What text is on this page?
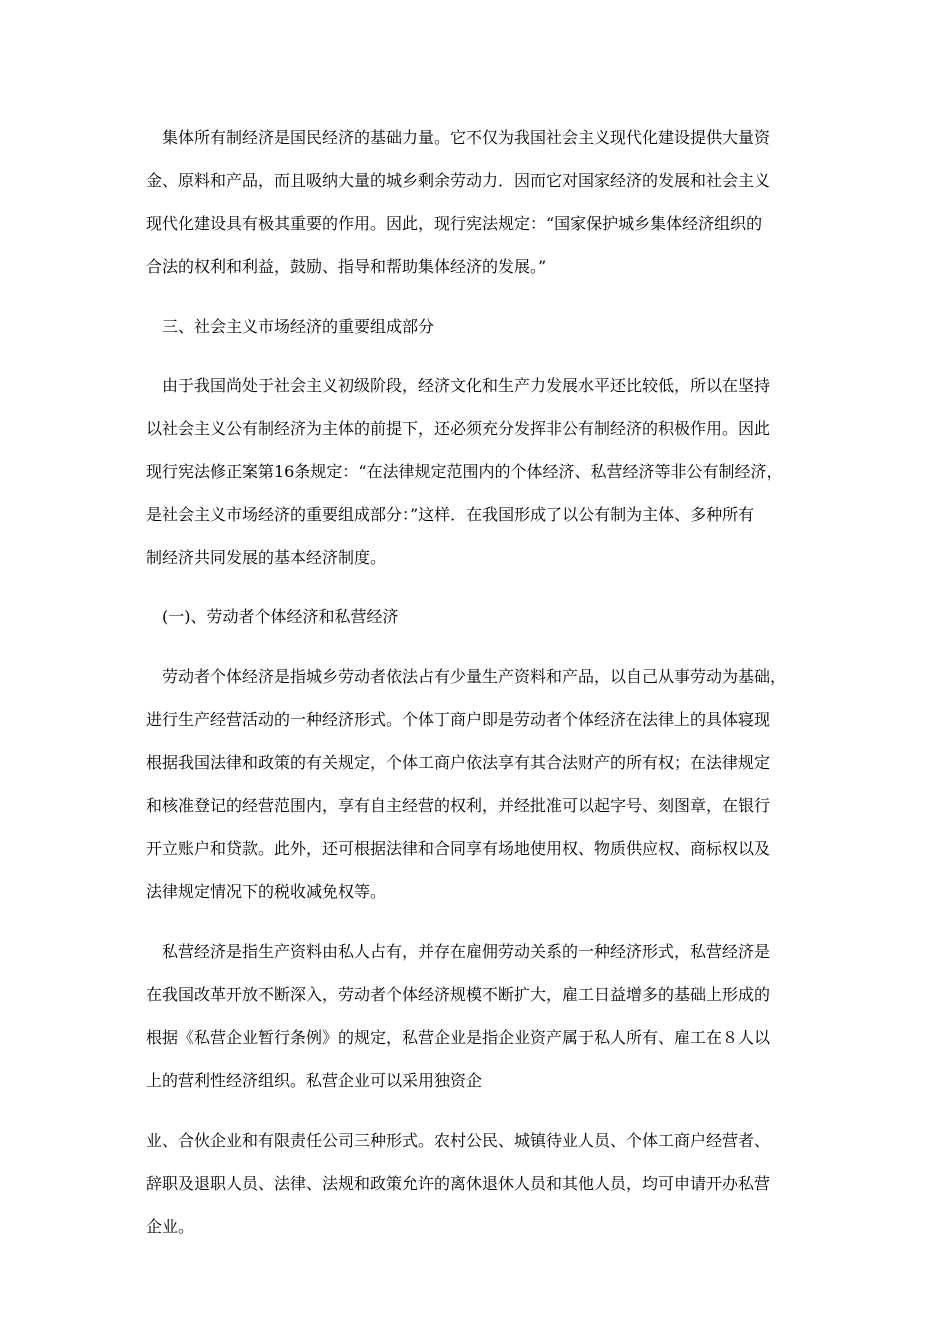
集体所有制经济是国民经济的基础力量。它不仅为我国社会主义现代化建设提供大量资
金、原料和产品，而且吸纳大量的城乡剩余劳动力．因而它对国家经济的发展和社会主义
现代化建设具有极其重要的作用。因此，现行宪法规定：“国家保护城乡集体经济组织的
合法的权利和利益，鼓励、指导和帮助集体经济的发展。”
三、社会主义市场经济的重要组成部分
由于我国尚处于社会主义初级阶段，经济文化和生产力发展水平还比较低，所以在坚持
以社会主义公有制经济为主体的前提下，还必须充分发挥非公有制经济的积极作用。因此
现行宪法修正案第16条规定：“在法律规定范围内的个体经济、私营经济等非公有制经济，
是社会主义市场经济的重要组成部分：”这样．在我国形成了以公有制为主体、多种所有
制经济共同发展的基本经济制度。
(一)、劳动者个体经济和私营经济
劳动者个体经济是指城乡劳动者依法占有少量生产资料和产品，以自己从事劳动为基础，
进行生产经营活动的一种经济形式。个体丁商户即是劳动者个体经济在法律上的具体寝现
根据我国法律和政策的有关规定，个体工商户依法享有其合法财产的所有权；在法律规定
和核准登记的经营范围内，享有自主经营的权利，并经批准可以起字号、刻图章，在银行
开立账户和贷款。此外，还可根据法律和合同享有场地使用权、物质供应权、商标权以及
法律规定情况下的税收减免权等。
私营经济是指生产资料由私人占有，并存在雇佣劳动关系的一种经济形式，私营经济是
在我国改革开放不断深入，劳动者个体经济规模不断扩大，雇工日益增多的基础上形成的
根据《私营企业暂行条例》的规定，私营企业是指企业资产属于私人所有、雇工在８人以
上的营利性经济组织。私营企业可以采用独资企
业、合伙企业和有限责任公司三种形式。农村公民、城镇待业人员、个体工商户经营者、
辞职及退职人员、法律、法规和政策允许的离休退休人员和其他人员，均可申请开办私营
企业。
